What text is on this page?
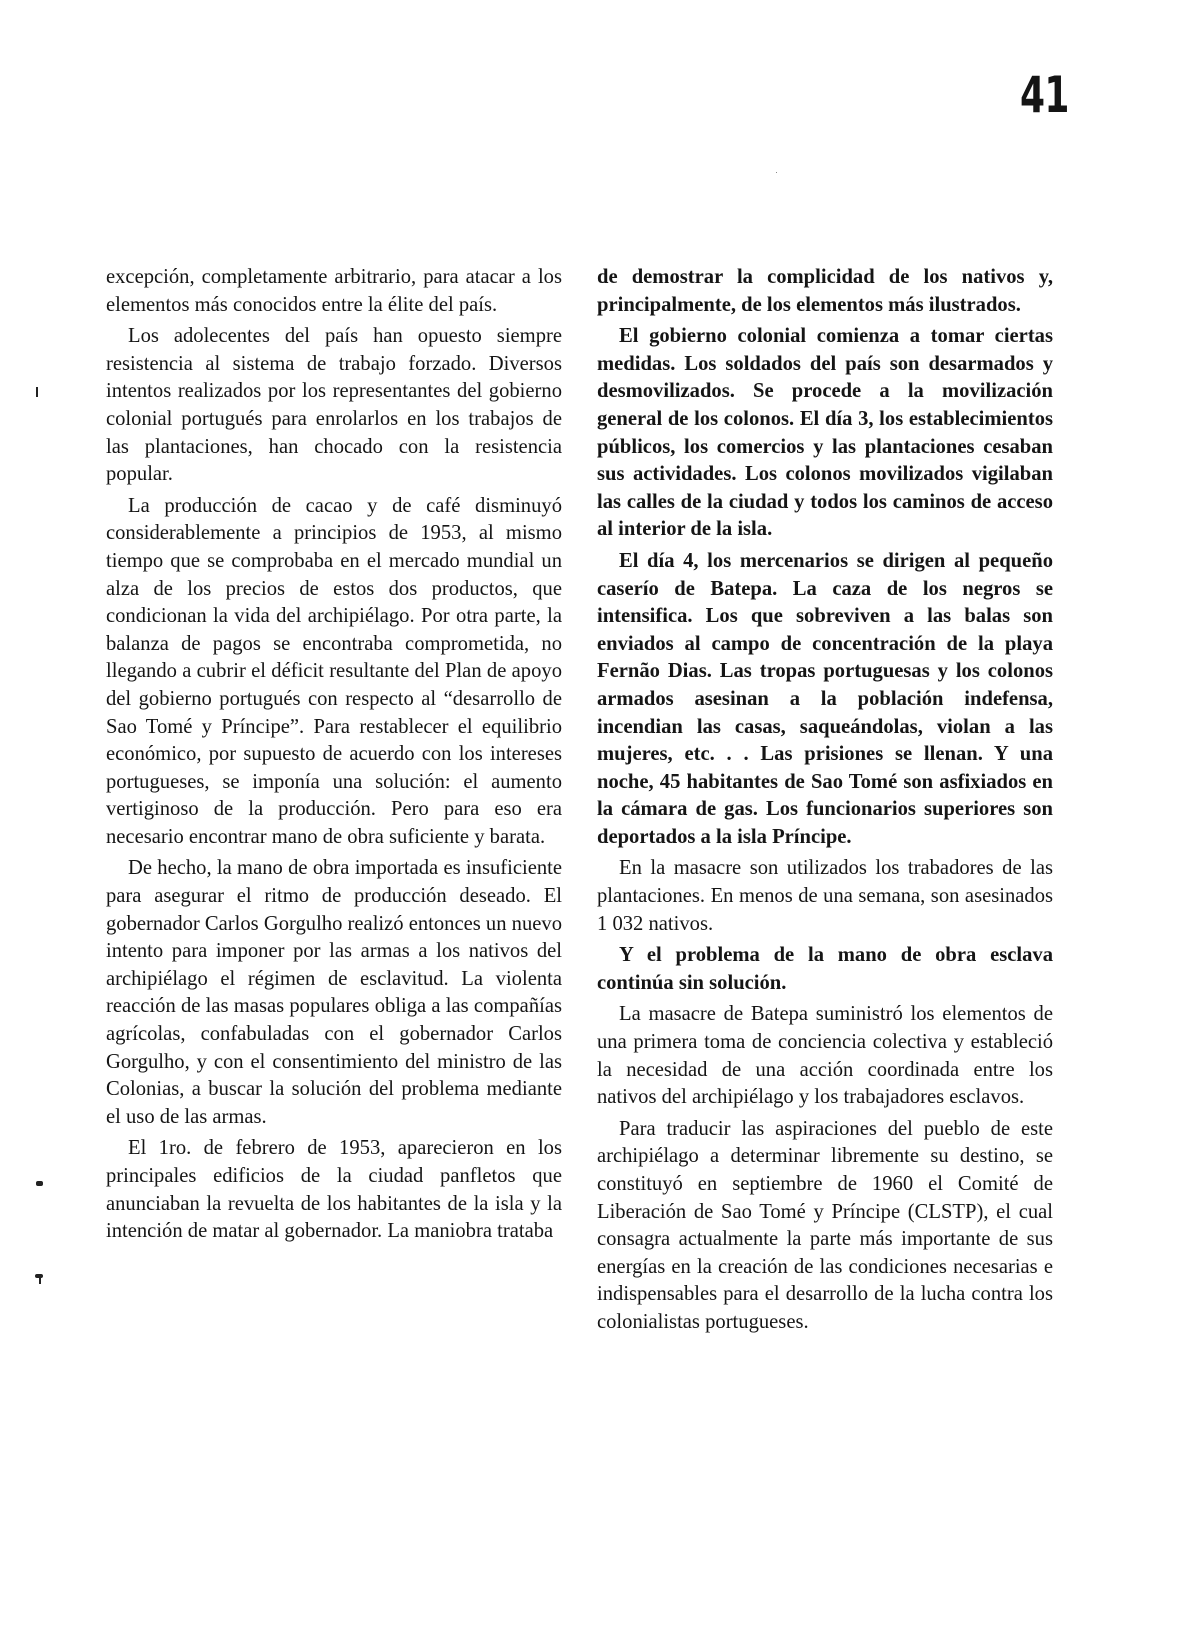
41

excepción, completamente arbitrario, para atacar a los elementos más conocidos entre la élite del país.

Los adolecentes del país han opuesto siempre resistencia al sistema de trabajo forzado. Diversos intentos realizados por los representantes del gobierno colonial portugués para enrolarlos en los trabajos de las plantaciones, han chocado con la resistencia popular.

La producción de cacao y de café disminuyó considerablemente a principios de 1953, al mismo tiempo que se comprobaba en el mercado mundial un alza de los precios de estos dos productos, que condicionan la vida del archipiélago. Por otra parte, la balanza de pagos se encontraba comprometida, no llegando a cubrir el déficit resultante del Plan de apoyo del gobierno portugués con respecto al “desarrollo de Sao Tomé y Príncipe”. Para restablecer el equilibrio económico, por supuesto de acuerdo con los intereses portugueses, se imponía una solución: el aumento vertiginoso de la producción. Pero para eso era necesario encontrar mano de obra suficiente y barata.

De hecho, la mano de obra importada es insuficiente para asegurar el ritmo de producción deseado. El gobernador Carlos Gorgulho realizó entonces un nuevo intento para imponer por las armas a los nativos del archipiélago el régimen de esclavitud. La violenta reacción de las masas populares obliga a las compañías agrícolas, confabuladas con el gobernador Carlos Gorgulho, y con el consentimiento del ministro de las Colonias, a buscar la solución del problema mediante el uso de las armas.

El 1ro. de febrero de 1953, aparecieron en los principales edificios de la ciudad panfletos que anunciaban la revuelta de los habitantes de la isla y la intención de matar al gobernador. La maniobra trataba

de demostrar la complicidad de los nativos y, principalmente, de los elementos más ilustrados.

El gobierno colonial comienza a tomar ciertas medidas. Los soldados del país son desarmados y desmovilizados. Se procede a la movilización general de los colonos. El día 3, los establecimientos públicos, los comercios y las plantaciones cesaban sus actividades. Los colonos movilizados vigilaban las calles de la ciudad y todos los caminos de acceso al interior de la isla.

El día 4, los mercenarios se dirigen al pequeño caserío de Batepa. La caza de los negros se intensifica. Los que sobreviven a las balas son enviados al campo de concentración de la playa Fernão Dias. Las tropas portuguesas y los colonos armados asesinan a la población indefensa, incendian las casas, saqueándolas, violan a las mujeres, etc. . . Las prisiones se llenan. Y una noche, 45 habitantes de Sao Tomé son asfixiados en la cámara de gas. Los funcionarios superiores son deportados a la isla Príncipe.

En la masacre son utilizados los trabadores de las plantaciones. En menos de una semana, son asesinados 1 032 nativos.

Y el problema de la mano de obra esclava continúa sin solución.

La masacre de Batepa suministró los elementos de una primera toma de conciencia colectiva y estableció la necesidad de una acción coordinada entre los nativos del archipiélago y los trabajadores esclavos.

Para traducir las aspiraciones del pueblo de este archipiélago a determinar libremente su destino, se constituyó en septiembre de 1960 el Comité de Liberación de Sao Tomé y Príncipe (CLSTP), el cual consagra actualmente la parte más importante de sus energías en la creación de las condiciones necesarias e indispensables para el desarrollo de la lucha contra los colonialistas portugueses.
